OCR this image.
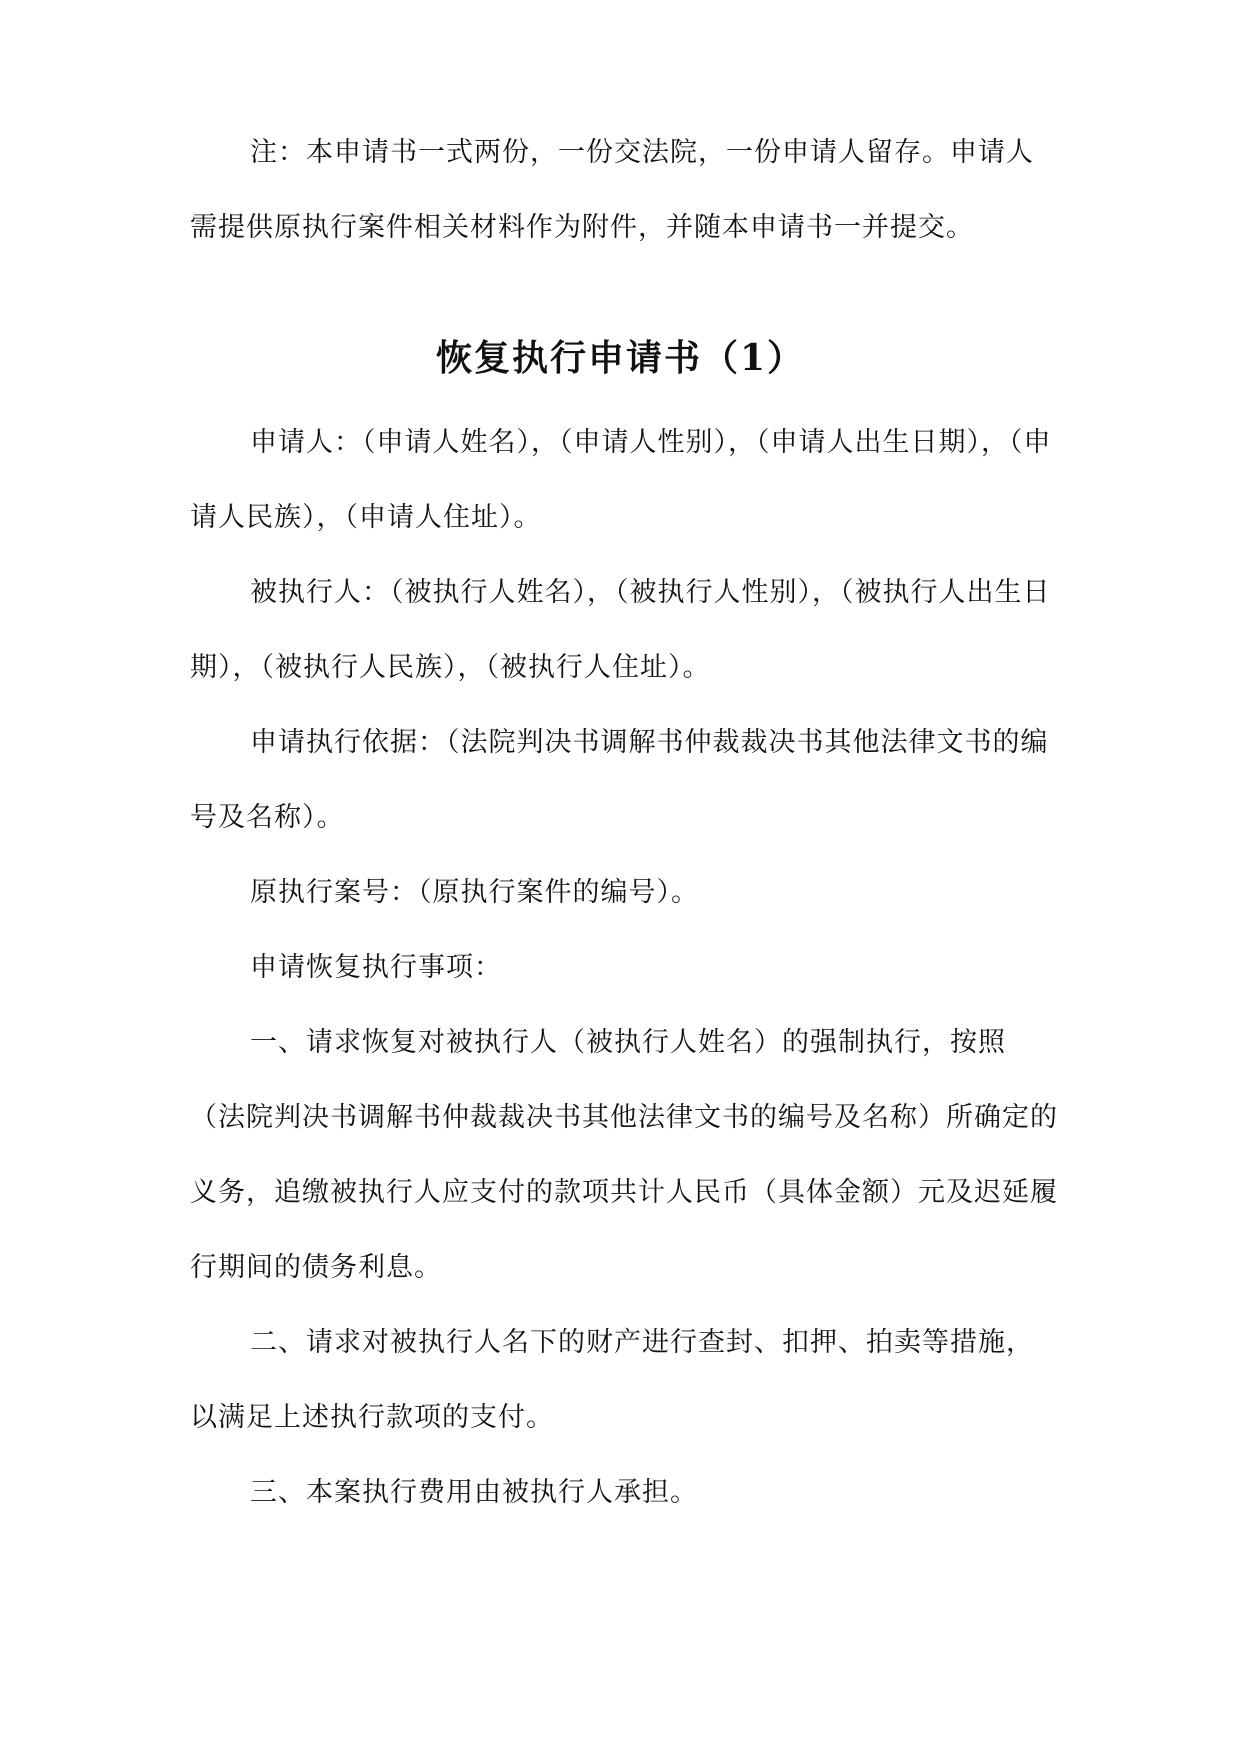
注：本申请书一式两份，一份交法院，一份申请人留存。申请人需提供原执行案件相关材料作为附件，并随本申请书一并提交。

恢复执行申请书（1）

申请人：（申请人姓名），（申请人性别），（申请人出生日期），（申请人民族），（申请人住址）。

被执行人：（被执行人姓名），（被执行人性别），（被执行人出生日期），（被执行人民族），（被执行人住址）。

申请执行依据：（法院判决书调解书仲裁裁决书其他法律文书的编号及名称）。

原执行案号：（原执行案件的编号）。

申请恢复执行事项：

一、请求恢复对被执行人（被执行人姓名）的强制执行，按照（法院判决书调解书仲裁裁决书其他法律文书的编号及名称）所确定的义务，追缴被执行人应支付的款项共计人民币（具体金额）元及迟延履行期间的债务利息。

二、请求对被执行人名下的财产进行查封、扣押、拍卖等措施，以满足上述执行款项的支付。

三、本案执行费用由被执行人承担。
